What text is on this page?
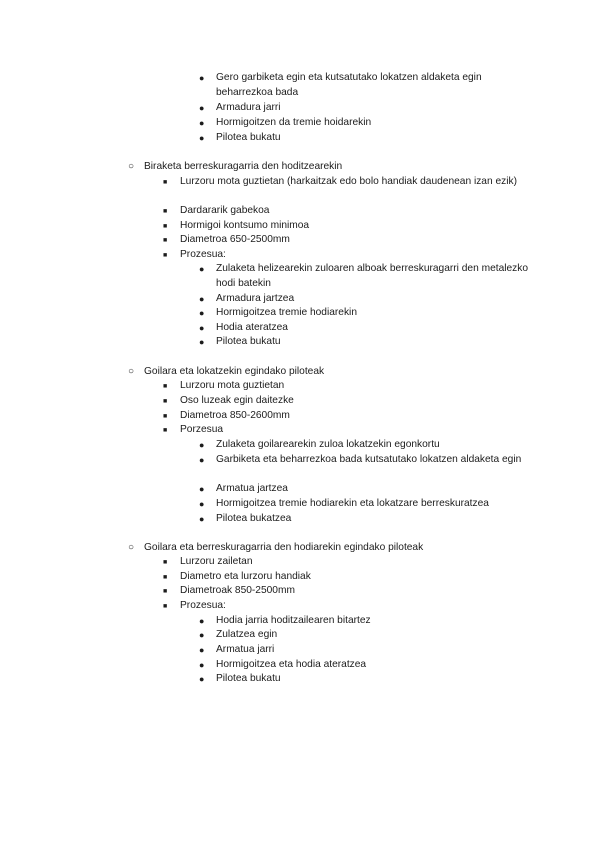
● Gero garbiketa egin eta kutsatutako lokatzen aldaketa egin beharrezkoa bada
● Armadura jarri
● Hormigoitzen da tremie hoidarekin
● Pilotea bukatu
○ Biraketa berreskuragarria den hoditzearekin
■ Lurzoru mota guztietan (harkaitzak edo bolo handiak daudenean izan ezik)
■ Dardararik gabekoa
■ Hormigoi kontsumo minimoa
■ Diametroa 650-2500mm
■ Prozesua:
● Zulaketa helizearekin zuloaren alboak berreskuragarri den metalezko hodi batekin
● Armadura jartzea
● Hormigoitzea tremie hodiarekin
● Hodia ateratzea
● Pilotea bukatu
○ Goilara eta lokatzekin egindako piloteak
■ Lurzoru mota guztietan
■ Oso luzeak egin daitezke
■ Diametroa 850-2600mm
■ Porzesua
● Zulaketa goilarearekin zuloa lokatzekin egonkortu
● Garbiketa eta beharrezkoa bada kutsatutako lokatzen aldaketa egin
● Armatua jartzea
● Hormigoitzea tremie hodiarekin eta lokatzare berreskuratzea
● Pilotea bukatzea
○ Goilara eta berreskuragarria den hodiarekin egindako piloteak
■ Lurzoru zailetan
■ Diametro eta lurzoru handiak
■ Diametroak 850-2500mm
■ Prozesua:
● Hodia jarria hoditzailearen bitartez
● Zulatzea egin
● Armatua jarri
● Hormigoitzea eta hodia ateratzea
● Pilotea bukatu
